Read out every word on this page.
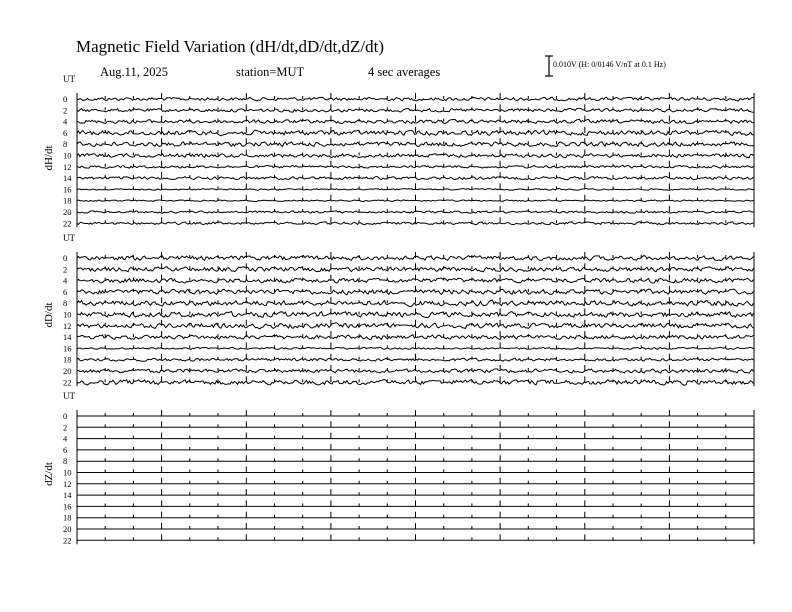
Magnetic Field Variation (dH/dt,dD/dt,dZ/dt)
Aug.11, 2025	station=MUT	4 sec averages
0.010V (H: 0/0146 V/nT at 0.1 Hz)
UT
dH/dt
0
2
4
6
8
10
12
14
16
18
20
22
UT
dD/dt
0
2
4
6
8
10
12
14
16
18
20
22
UT
dZ/dt
0
2
4
6
8
10
12
14
16
18
20
22
